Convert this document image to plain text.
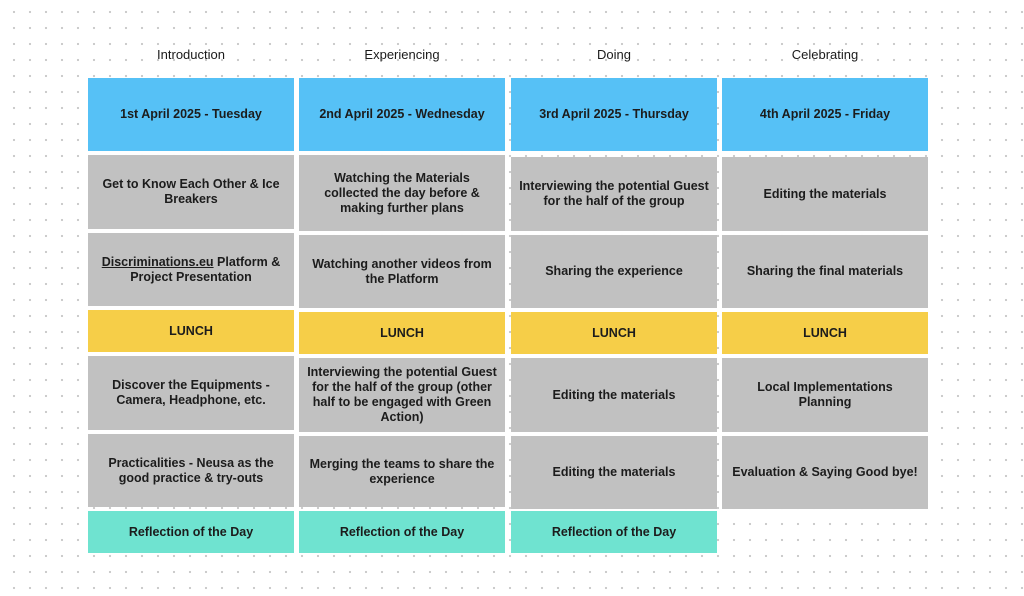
Introduction
1st April 2025 - Tuesday
Get to Know Each Other & Ice Breakers
Discriminations.eu Platform & Project Presentation
LUNCH
Discover the Equipments - Camera, Headphone, etc.
Practicalities - Neusa as the good practice & try-outs
Reflection of the Day
Experiencing
2nd April 2025 - Wednesday
Watching the Materials collected the day before & making further plans
Watching another videos from the Platform
LUNCH
Interviewing the potential Guest for the half of the group (other half to be engaged with Green Action)
Merging the teams to share the experience
Reflection of the Day
Doing
3rd April 2025 - Thursday
Interviewing the potential Guest for the half of the group
Sharing the experience
LUNCH
Editing the materials
Editing the materials
Reflection of the Day
Celebrating
4th April 2025 - Friday
Editing the materials
Sharing the final materials
LUNCH
Local Implementations Planning
Evaluation & Saying Good bye!
